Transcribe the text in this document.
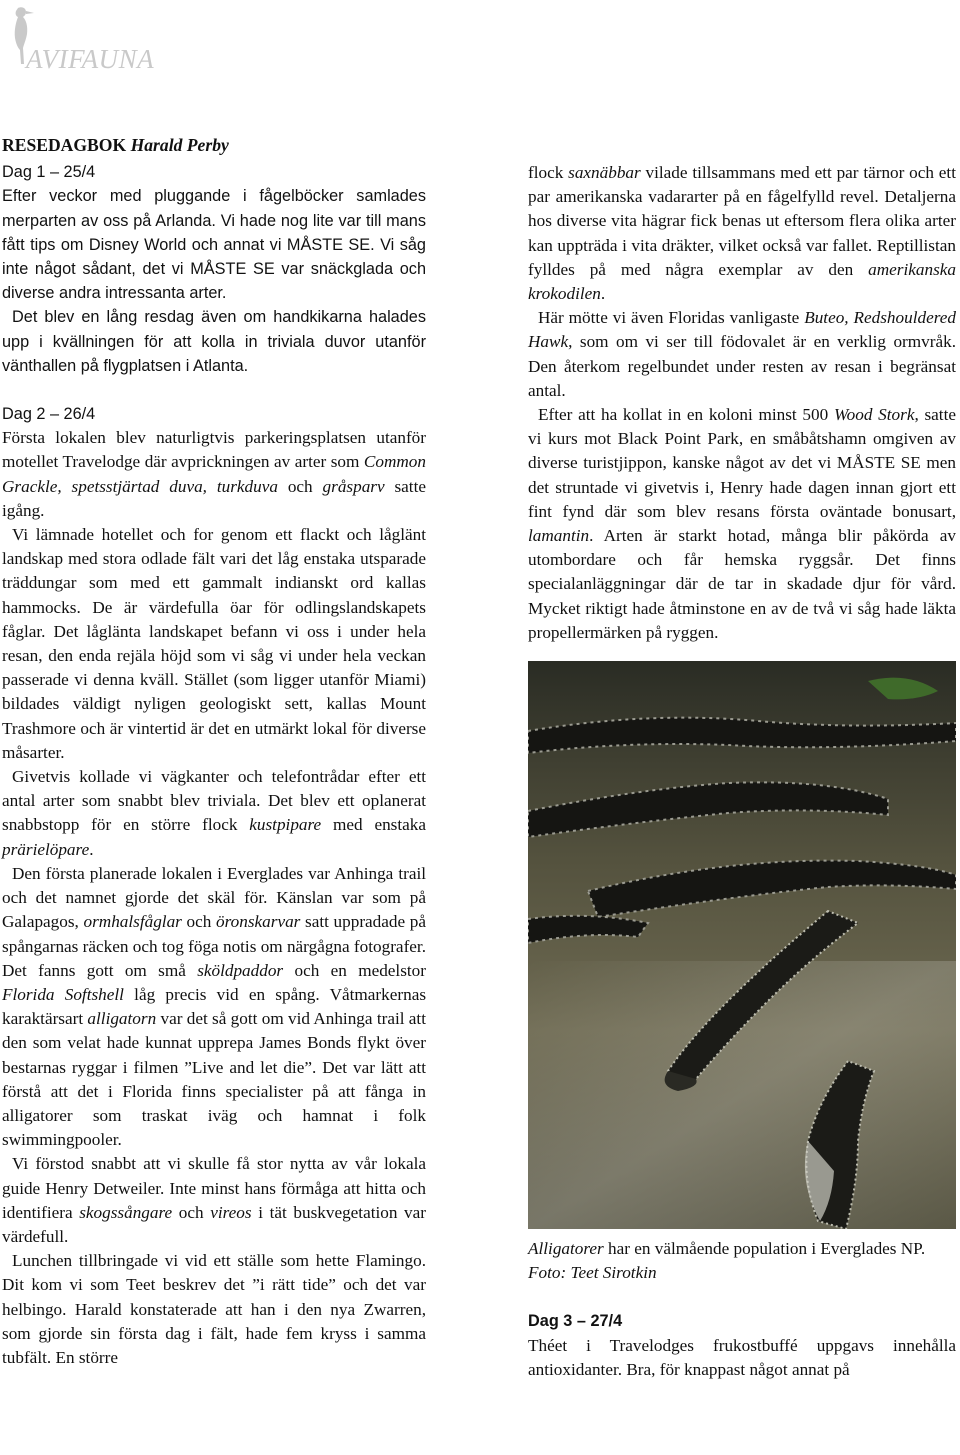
AVIFAUNA

RESEDAGBOK Harald Perby

Dag 1 – 25/4

Efter veckor med pluggande i fågelböcker samlades merparten av oss på Arlanda. Vi hade nog lite var till mans fått tips om Disney World och annat vi MÅSTE SE. Vi såg inte något sådant, det vi MÅSTE SE var snäckglada och diverse andra intressanta arter.

Det blev en lång resdag även om handkikarna halades upp i kvällningen för att kolla in triviala duvor utanför vänthallen på flygplatsen i Atlanta.

Dag 2 – 26/4

Första lokalen blev naturligtvis parkeringsplatsen utanför motellet Travelodge där avprickningen av arter som Common Grackle, spetsstjärtad duva, turkduva och gråsparv satte igång.

Vi lämnade hotellet och for genom ett flackt och låglänt landskap med stora odlade fält vari det låg enstaka utsparade träddungar som med ett gammalt indianskt ord kallas hammocks. De är värdefulla öar för odlingslandskapets fåglar. Det låglänta landskapet befann vi oss i under hela resan, den enda rejäla höjd som vi såg vi under hela veckan passerade vi denna kväll. Stället (som ligger utanför Miami) bildades väldigt nyligen geologiskt sett, kallas Mount Trashmore och är vintertid är det en utmärkt lokal för diverse måsarter.

Givetvis kollade vi vägkanter och telefontrådar efter ett antal arter som snabbt blev triviala. Det blev ett oplanerat snabbstopp för en större flock kustpipare med enstaka prärielöpare.

Den första planerade lokalen i Everglades var Anhinga trail och det namnet gjorde det skäl för. Känslan var som på Galapagos, ormhalsfåglar och öronskarvar satt uppradade på spångarnas räcken och tog föga notis om närgågna fotografer. Det fanns gott om små sköldpaddor och en medelstor Florida Softshell låg precis vid en spång. Våtmarkernas karaktärsart alligatorn var det så gott om vid Anhinga trail att den som velat hade kunnat upprepa James Bonds flykt över bestarnas ryggar i filmen ”Live and let die”. Det var lätt att förstå att det i Florida finns specialister på att fånga in alligatorer som traskat iväg och hamnat i folk swimmingpooler.

Vi förstod snabbt att vi skulle få stor nytta av vår lokala guide Henry Detweiler. Inte minst hans förmåga att hitta och identifiera skogssångare och vireos i tät buskvegetation var värdefull.

Lunchen tillbringade vi vid ett ställe som hette Flamingo. Dit kom vi som Teet beskrev det ”i rätt tide” och det var helbingo. Harald konstaterade att han i den nya Zwarren, som gjorde sin första dag i fält, hade fem kryss i samma tubfält. En större

flock saxnäbbar vilade tillsammans med ett par tärnor och ett par amerikanska vadararter på en fågelfylld revel. Detaljerna hos diverse vita hägrar fick benas ut eftersom flera olika arter kan uppträda i vita dräkter, vilket också var fallet. Reptillistan fylldes på med några exemplar av den amerikanska krokodilen.

Här mötte vi även Floridas vanligaste Buteo, Redshouldered Hawk, som om vi ser till födovalet är en verklig ormvråk. Den återkom regelbundet under resten av resan i begränsat antal.

Efter att ha kollat in en koloni minst 500 Wood Stork, satte vi kurs mot Black Point Park, en småbåtshamn omgiven av diverse turistjippon, kanske något av det vi MÅSTE SE men det struntade vi givetvis i, Henry hade dagen innan gjort ett fint fynd där som blev resans första oväntade bonusart, lamantin. Arten är starkt hotad, många blir påkörda av utombordare och får hemska ryggsår. Det finns specialanläggningar där de tar in skadade djur för vård. Mycket riktigt hade åtminstone en av de två vi såg hade läkta propellermärken på ryggen.

Alligatorer har en välmående population i Everglades NP. Foto: Teet Sirotkin

Dag 3 – 27/4

Théet i Travelodges frukostbuffé uppgavs innehålla antioxidanter. Bra, för knappast något annat på
